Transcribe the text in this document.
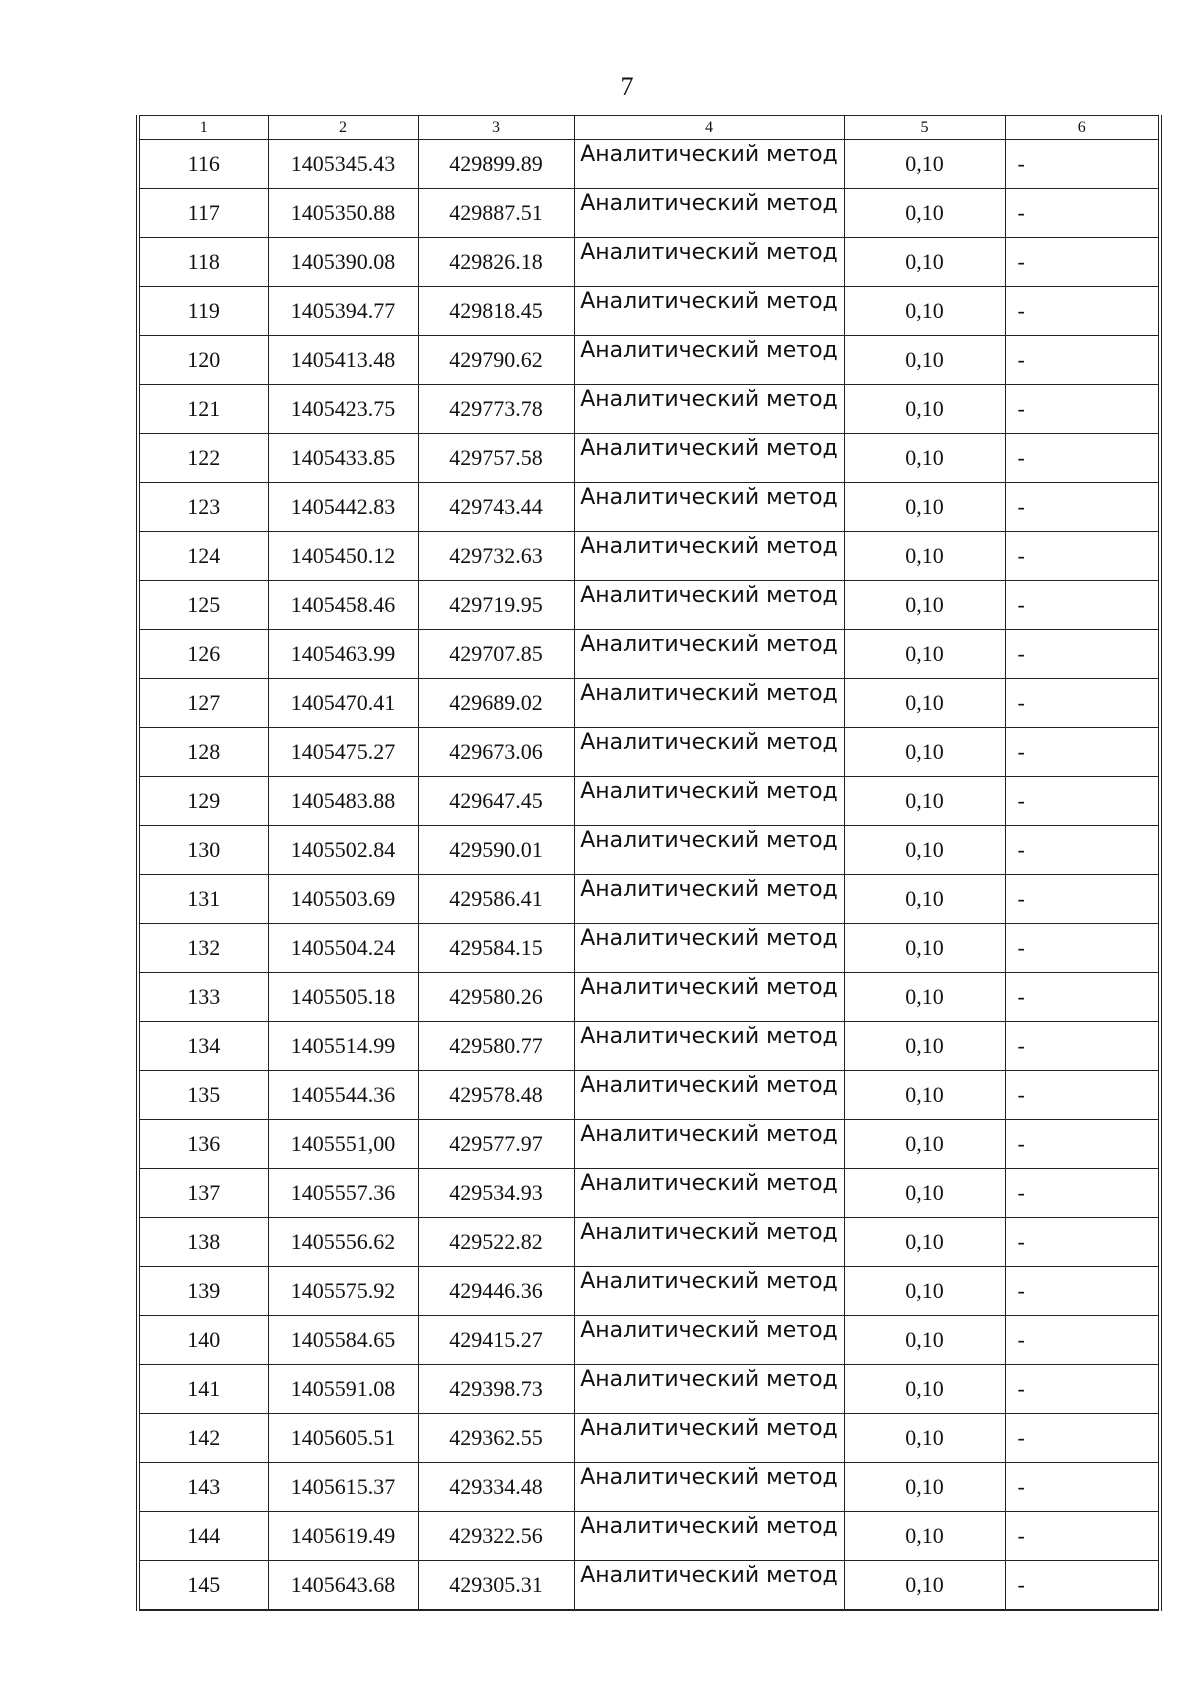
7
1	2	3	4	5	6
116	1405345.43	429899.89	Аналитический метод	0,10	-
117	1405350.88	429887.51	Аналитический метод	0,10	-
118	1405390.08	429826.18	Аналитический метод	0,10	-
119	1405394.77	429818.45	Аналитический метод	0,10	-
120	1405413.48	429790.62	Аналитический метод	0,10	-
121	1405423.75	429773.78	Аналитический метод	0,10	-
122	1405433.85	429757.58	Аналитический метод	0,10	-
123	1405442.83	429743.44	Аналитический метод	0,10	-
124	1405450.12	429732.63	Аналитический метод	0,10	-
125	1405458.46	429719.95	Аналитический метод	0,10	-
126	1405463.99	429707.85	Аналитический метод	0,10	-
127	1405470.41	429689.02	Аналитический метод	0,10	-
128	1405475.27	429673.06	Аналитический метод	0,10	-
129	1405483.88	429647.45	Аналитический метод	0,10	-
130	1405502.84	429590.01	Аналитический метод	0,10	-
131	1405503.69	429586.41	Аналитический метод	0,10	-
132	1405504.24	429584.15	Аналитический метод	0,10	-
133	1405505.18	429580.26	Аналитический метод	0,10	-
134	1405514.99	429580.77	Аналитический метод	0,10	-
135	1405544.36	429578.48	Аналитический метод	0,10	-
136	1405551,00	429577.97	Аналитический метод	0,10	-
137	1405557.36	429534.93	Аналитический метод	0,10	-
138	1405556.62	429522.82	Аналитический метод	0,10	-
139	1405575.92	429446.36	Аналитический метод	0,10	-
140	1405584.65	429415.27	Аналитический метод	0,10	-
141	1405591.08	429398.73	Аналитический метод	0,10	-
142	1405605.51	429362.55	Аналитический метод	0,10	-
143	1405615.37	429334.48	Аналитический метод	0,10	-
144	1405619.49	429322.56	Аналитический метод	0,10	-
145	1405643.68	429305.31	Аналитический метод	0,10	-
